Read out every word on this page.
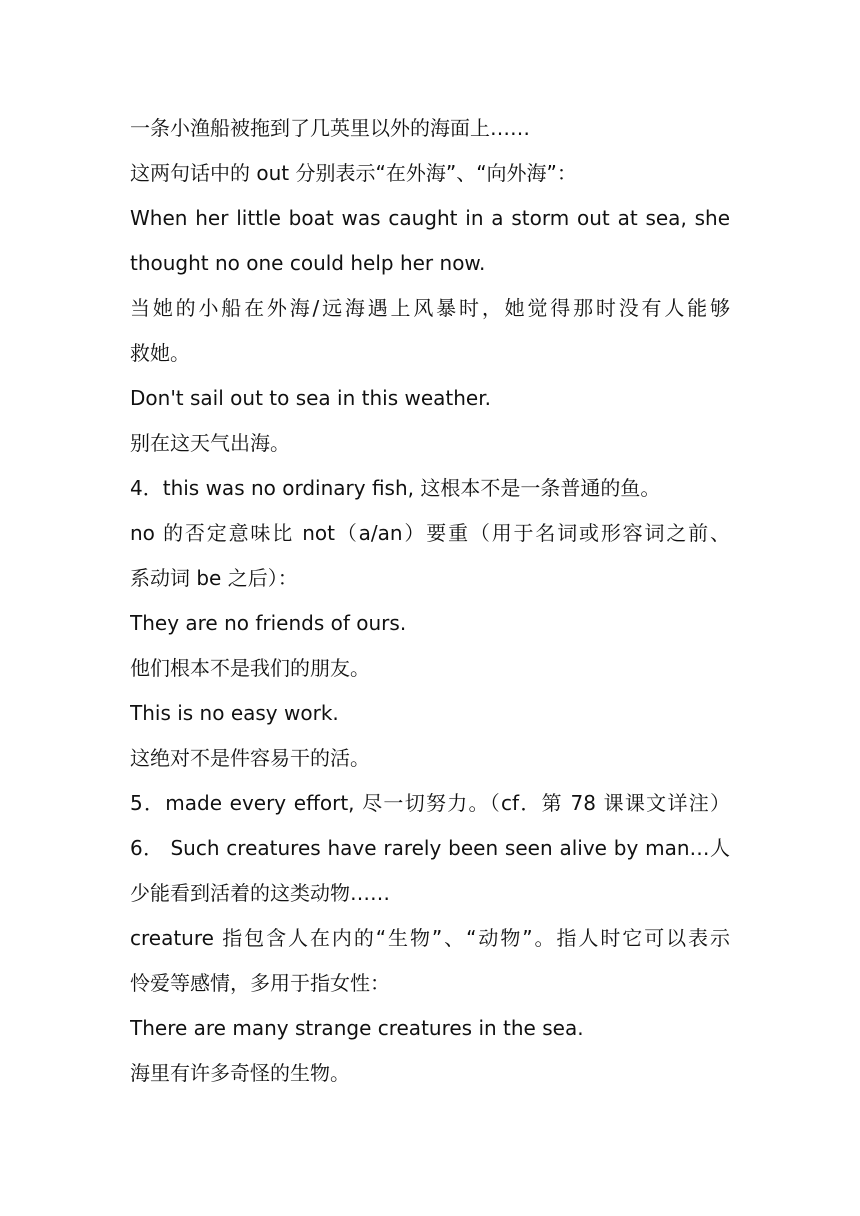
一条小渔船被拖到了几英里以外的海面上……
这两句话中的 out 分别表示“在外海”、“向外海”：
When her little boat was caught in a storm out at sea, she
thought no one could help her now.
当她的小船在外海/远海遇上风暴时，她觉得那时没有人能够
救她。
Don't sail out to sea in this weather.
别在这天气出海。
4．this was no ordinary fish, 这根本不是一条普通的鱼。
no 的否定意味比 not（a/an）要重（用于名词或形容词之前、
系动词 be 之后）：
They are no friends of ours.
他们根本不是我们的朋友。
This is no easy work.
这绝对不是件容易干的活。
5．made every effort, 尽一切努力。（cf．第 78 课课文详注）
6． Such creatures have rarely been seen alive by man…人
少能看到活着的这类动物……
creature 指包含人在内的“生物”、“动物”。指人时它可以表示
怜爱等感情，多用于指女性：
There are many strange creatures in the sea.
海里有许多奇怪的生物。
